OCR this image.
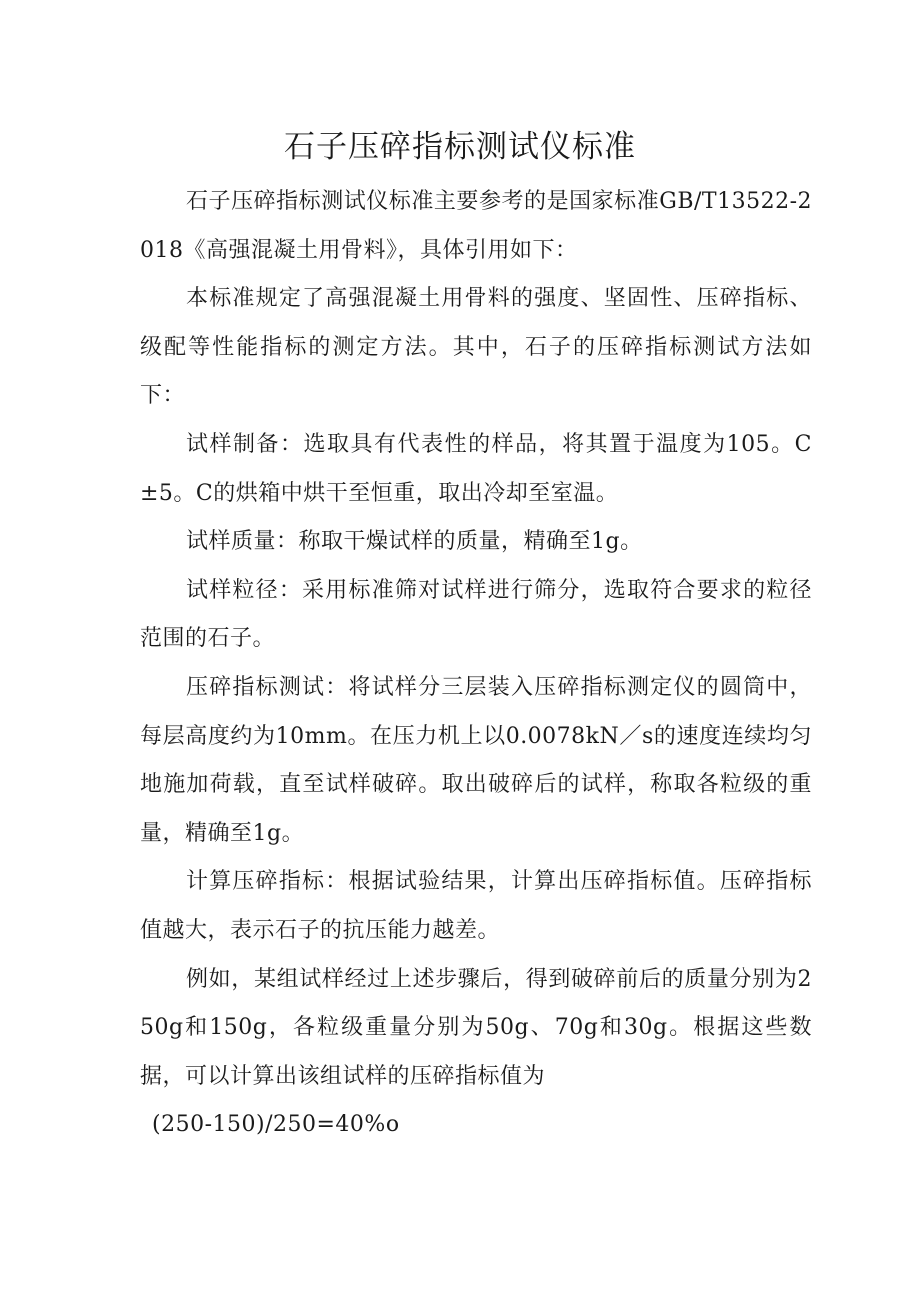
石子压碎指标测试仪标准

石子压碎指标测试仪标准主要参考的是国家标准GB/T13522-2018《高强混凝土用骨料》，具体引用如下：

本标准规定了高强混凝土用骨料的强度、坚固性、压碎指标、级配等性能指标的测定方法。其中，石子的压碎指标测试方法如下：

试样制备：选取具有代表性的样品，将其置于温度为105。C±5。C的烘箱中烘干至恒重，取出冷却至室温。

试样质量：称取干燥试样的质量，精确至1g。

试样粒径：采用标准筛对试样进行筛分，选取符合要求的粒径范围的石子。

压碎指标测试：将试样分三层装入压碎指标测定仪的圆筒中，每层高度约为10mm。在压力机上以0.0078kN／s的速度连续均匀地施加荷载，直至试样破碎。取出破碎后的试样，称取各粒级的重量，精确至1g。

计算压碎指标：根据试验结果，计算出压碎指标值。压碎指标值越大，表示石子的抗压能力越差。

例如，某组试样经过上述步骤后，得到破碎前后的质量分别为250g和150g，各粒级重量分别为50g、70g和30g。根据这些数据，可以计算出该组试样的压碎指标值为

(250-150)/250=40%o
